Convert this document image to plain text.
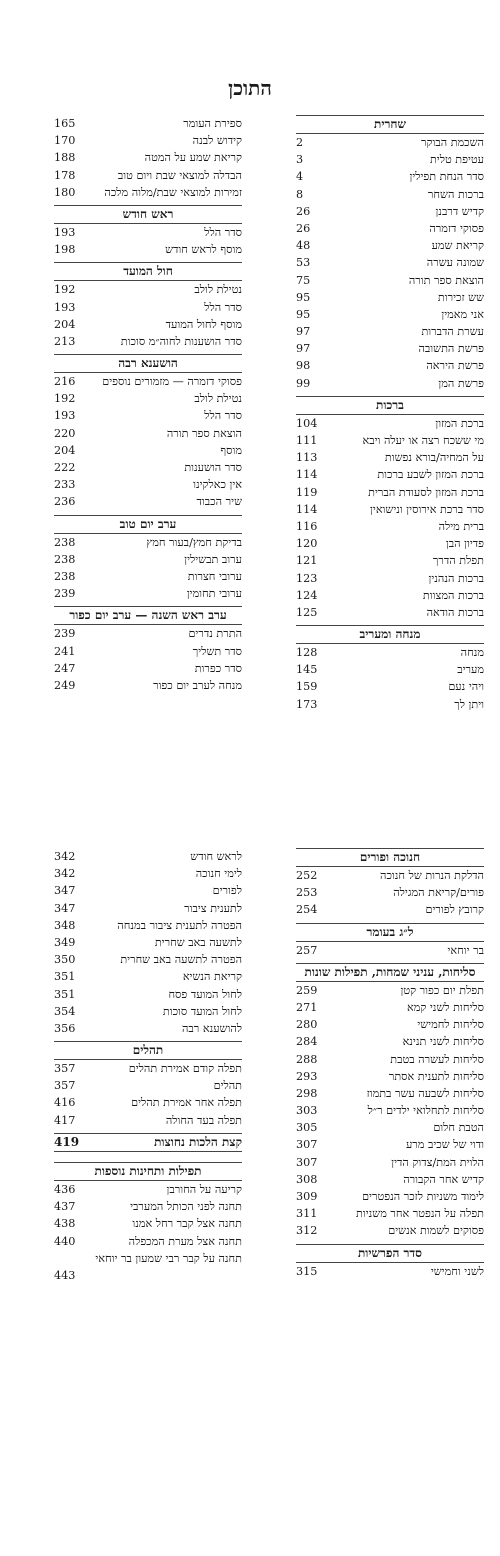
התוכן
שחרית
השכמת הבוקר
2
עטיפת טלית
3
סדר הנחת תפילין
4
ברכות השחר
8
קדיש דרבנן
26
פסוקי דזמרה
26
קריאת שמע
48
שמונה עשרה
53
הוצאת ספר תורה
75
שש זכירות
95
אני מאמין
95
עשרת הדברות
97
פרשת התשובה
97
פרשת היראה
98
פרשת המן
99
ברכות
ברכת המזון
104
מי ששכח רצה או יעלה ויבא
111
על המחיה/בורא נפשות
113
ברכת המזון לשבע ברכות
114
ברכת המזון לסעודת הברית
119
סדר ברכת אירוסין ונישואין
114
ברית מילה
116
פדיון הבן
120
תפלת הדרך
121
ברכות הנהנין
123
ברכות המצוות
124
ברכות הודאה
125
מנחה ומעריב
מנחה
128
מעריב
145
ויהי נעם
159
ויתן לך
173
ספירת העומר
165
קידוש לבנה
170
קריאת שמע על המטה
188
הבדלה למוצאי שבת ויום טוב
178
זמירות למוצאי שבת/מלוה מלכה
180
ראש חודש
סדר הלל
193
מוסף לראש חודש
198
חול המועד
נטילת לולב
192
סדר הלל
193
מוסף לחול המועד
204
סדר הושענות לחוה״מ סוכות
213
הושענא רבה
פסוקי דזמרה — מזמורים נוספים
216
נטילת לולב
192
סדר הלל
193
הוצאת ספר תורה
220
מוסף
204
סדר הושענות
222
אין כאלקינו
233
שיר הכבוד
236
ערב יום טוב
בדיקת חמץ/בעור חמץ
238
ערוב תבשילין
238
ערובי חצרות
238
ערובי תחומין
239
ערב ראש השנה — ערב יום כפור
התרת נדרים
239
סדר תשליך
241
סדר כפרות
247
מנחה לערב יום כפור
249
חנוכה ופורים
הדלקת הנרות של חנוכה
252
פורים/קריאת המגילה
253
קרובץ לפורים
254
ל״ג בעומר
בר יוחאי
257
סליחות, עניני שמחות, תפילות שונות
תפלת יום כפור קטן
259
סליחות לשני קמא
271
סליחות לחמישי
280
סליחות לשני תנינא
284
סליחות לעשרה בטבת
288
סליחות לתענית אסתר
293
סליחות לשבעה עשר בתמוז
298
סליחות לתחלואי ילדים ר״ל
303
הטבת חלום
305
ודוי של שכיב מרע
307
הלוית המת/צדוק הדין
307
קדיש אחר הקבורה
308
לימוד משניות לזכר הנפטרים
309
תפלה על הנפטר אחר משניות
311
פסוקים לשמות אנשים
312
סדר הפרשיות
לשני וחמישי
315
לראש חודש
342
לימי חנוכה
342
לפורים
347
לתענית ציבור
347
הפטרה לתענית ציבור במנחה
348
לתשעה באב שחרית
349
הפטרה לתשעה באב שחרית
350
קריאת הנשיא
351
לחול המועד פסח
351
לחול המועד סוכות
354
להושענא רבה
356
תהלים
תפלה קודם אמירת תהלים
357
תהלים
357
תפלה אחר אמירת תהלים
416
תפלה בעד החולה
417
קצת הלכות נחוצות
419
תפילות ותחינות נוספות
קריעה על החורבן
436
תחנה לפני הכותל המערבי
437
תחנה אצל קבר רחל אמנו
438
תחנה אצל מערת המכפלה
440
תחנה על קבר רבי שמעון בר יוחאי
443
